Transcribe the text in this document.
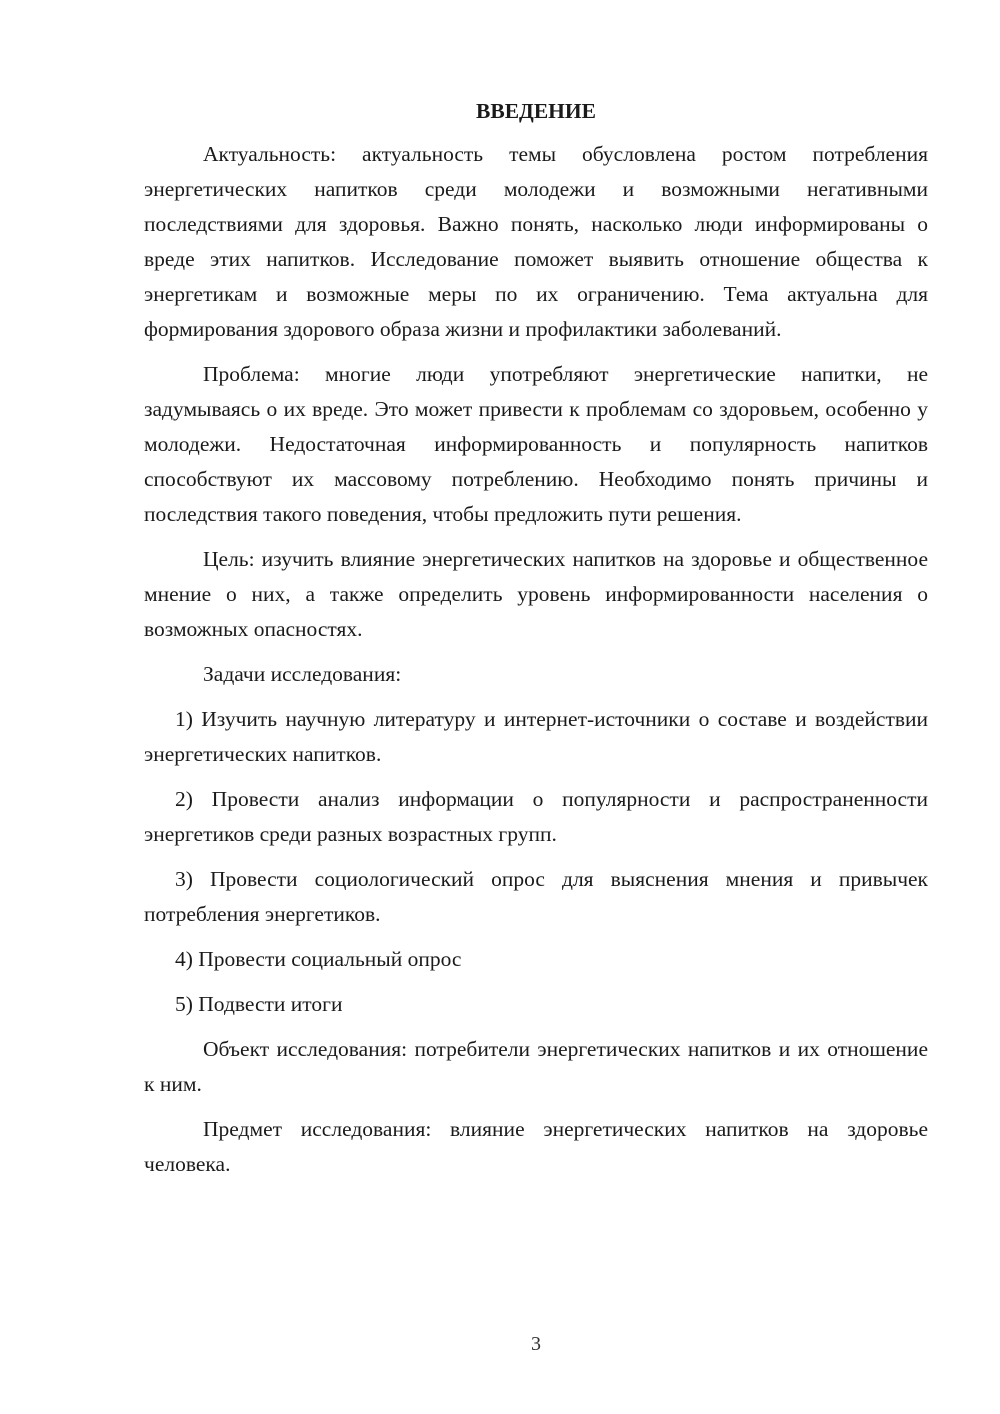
ВВЕДЕНИЕ

Актуальность: актуальность темы обусловлена ростом потребления энергетических напитков среди молодежи и возможными негативными последствиями для здоровья. Важно понять, насколько люди информированы о вреде этих напитков. Исследование поможет выявить отношение общества к энергетикам и возможные меры по их ограничению. Тема актуальна для формирования здорового образа жизни и профилактики заболеваний.

Проблема: многие люди употребляют энергетические напитки, не задумываясь о их вреде. Это может привести к проблемам со здоровьем, особенно у молодежи. Недостаточная информированность и популярность напитков способствуют их массовому потреблению. Необходимо понять причины и последствия такого поведения, чтобы предложить пути решения.

Цель: изучить влияние энергетических напитков на здоровье и общественное мнение о них, а также определить уровень информированности населения о возможных опасностях.

Задачи исследования:

1) Изучить научную литературу и интернет-источники о составе и воздействии энергетических напитков.

2) Провести анализ информации о популярности и распространенности энергетиков среди разных возрастных групп.

3) Провести социологический опрос для выяснения мнения и привычек потребления энергетиков.

4) Провести социальный опрос

5) Подвести итоги

Объект исследования: потребители энергетических напитков и их отношение к ним.

Предмет исследования: влияние энергетических напитков на здоровье человека.

3
